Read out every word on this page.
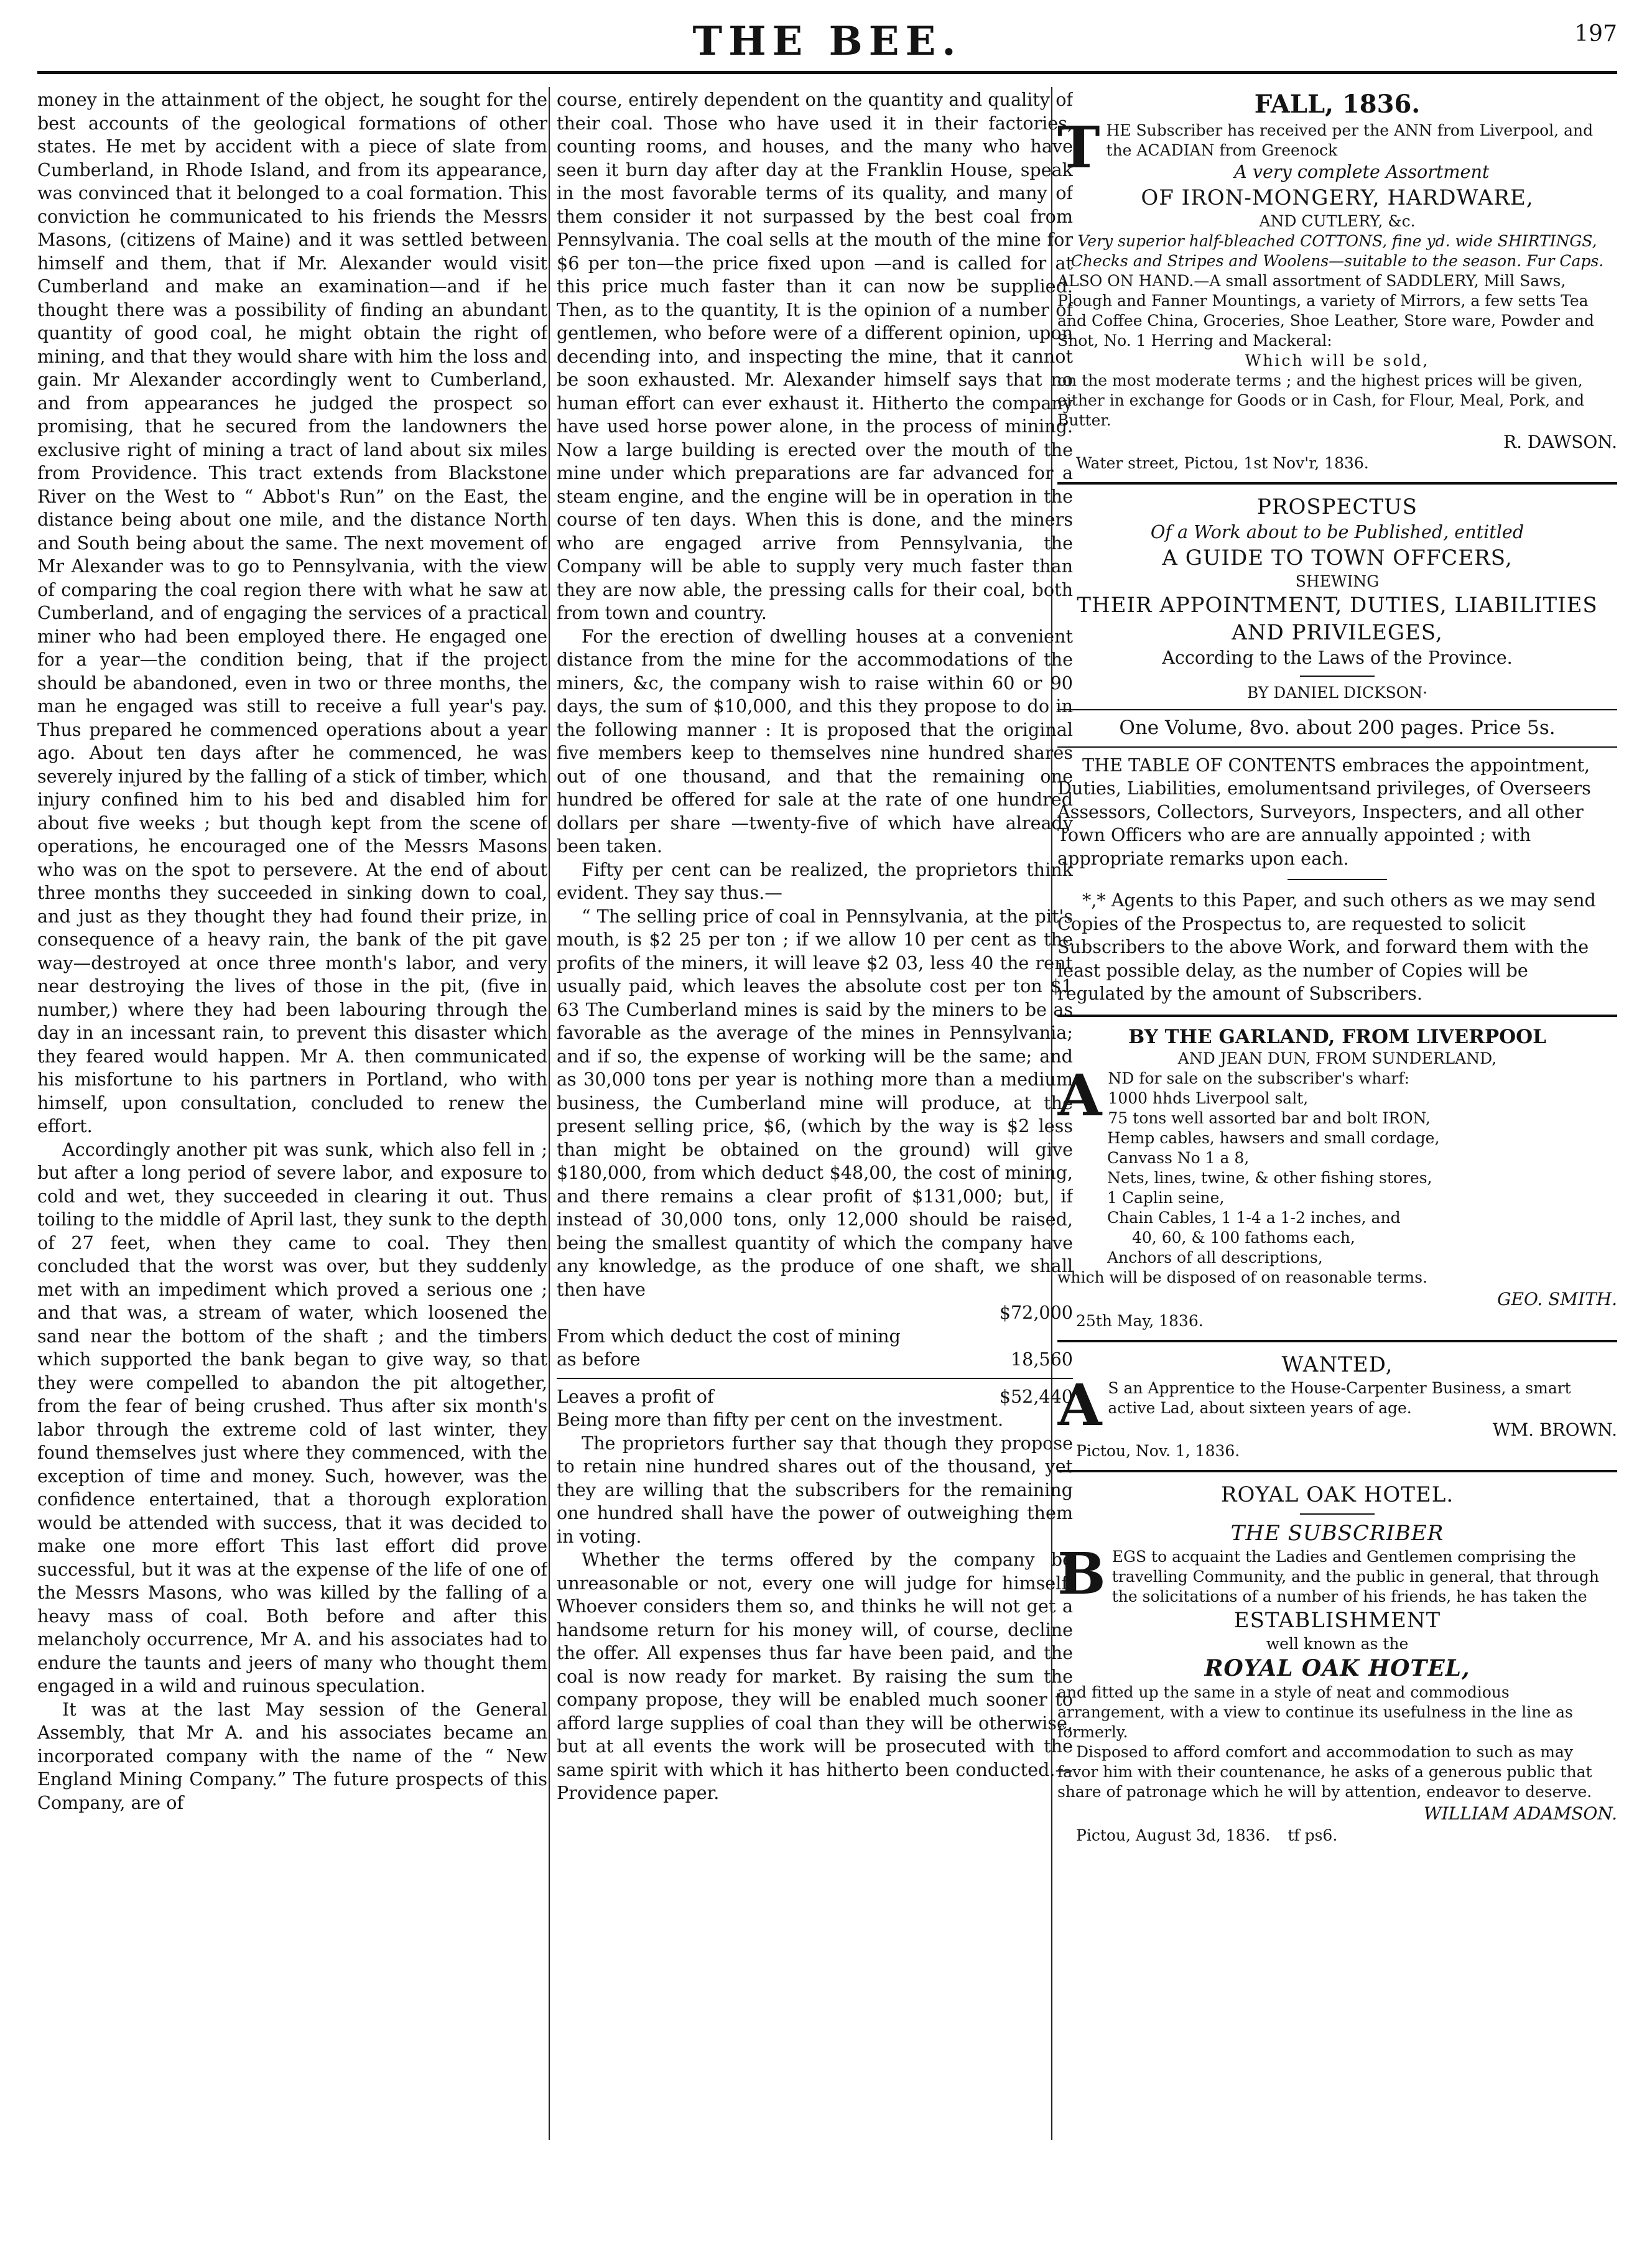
THE BEE.	197

money in the attainment of the object, he sought for the best accounts of the geological formations of other states. He met by accident with a piece of slate from Cumberland, in Rhode Island, and from its appearance, was convinced that it belonged to a coal formation. This conviction he communicated to his friends the Messrs Masons, (citizens of Maine) and it was settled between himself and them, that if Mr. Alexander would visit Cumberland and make an examination—and if he thought there was a possibility of finding an abundant quantity of good coal, he might obtain the right of mining, and that they would share with him the loss and gain. Mr Alexander accordingly went to Cumberland, and from appearances he judged the prospect so promising, that he secured from the landowners the exclusive right of mining a tract of land about six miles from Providence. This tract extends from Blackstone River on the West to “ Abbot's Run” on the East, the distance being about one mile, and the distance North and South being about the same. The next movement of Mr Alexander was to go to Pennsylvania, with the view of comparing the coal region there with what he saw at Cumberland, and of engaging the services of a practical miner who had been employed there. He engaged one for a year—the condition being, that if the project should be abandoned, even in two or three months, the man he engaged was still to receive a full year's pay. Thus prepared he commenced operations about a year ago. About ten days after he commenced, he was severely injured by the falling of a stick of timber, which injury confined him to his bed and disabled him for about five weeks ; but though kept from the scene of operations, he encouraged one of the Messrs Masons who was on the spot to persevere. At the end of about three months they succeeded in sinking down to coal, and just as they thought they had found their prize, in consequence of a heavy rain, the bank of the pit gave way—destroyed at once three month's labor, and very near destroying the lives of those in the pit, (five in number,) where they had been labouring through the day in an incessant rain, to prevent this disaster which they feared would happen. Mr A. then communicated his misfortune to his partners in Portland, who with himself, upon consultation, concluded to renew the effort.

Accordingly another pit was sunk, which also fell in ; but after a long period of severe labor, and exposure to cold and wet, they succeeded in clearing it out. Thus toiling to the middle of April last, they sunk to the depth of 27 feet, when they came to coal. They then concluded that the worst was over, but they suddenly met with an impediment which proved a serious one ; and that was, a stream of water, which loosened the sand near the bottom of the shaft ; and the timbers which supported the bank began to give way, so that they were compelled to abandon the pit altogether, from the fear of being crushed. Thus after six month's labor through the extreme cold of last winter, they found themselves just where they commenced, with the exception of time and money. Such, however, was the confidence entertained, that a thorough exploration would be attended with success, that it was decided to make one more effort This last effort did prove successful, but it was at the expense of the life of one of the Messrs Masons, who was killed by the falling of a heavy mass of coal. Both before and after this melancholy occurrence, Mr A. and his associates had to endure the taunts and jeers of many who thought them engaged in a wild and ruinous speculation.

It was at the last May session of the General Assembly, that Mr A. and his associates became an incorporated company with the name of the “ New England Mining Company.” The future prospects of this Company, are of

course, entirely dependent on the quantity and quality of their coal. Those who have used it in their factories, counting rooms, and houses, and the many who have seen it burn day after day at the Franklin House, speak in the most favorable terms of its quality, and many of them consider it not surpassed by the best coal from Pennsylvania. The coal sells at the mouth of the mine for $6 per ton—the price fixed upon —and is called for at this price much faster than it can now be supplied. Then, as to the quantity, It is the opinion of a number of gentlemen, who before were of a different opinion, upon decending into, and inspecting the mine, that it cannot be soon exhausted. Mr. Alexander himself says that no human effort can ever exhaust it. Hitherto the company have used horse power alone, in the process of mining. Now a large building is erected over the mouth of the mine under which preparations are far advanced for a steam engine, and the engine will be in operation in the course of ten days. When this is done, and the miners who are engaged arrive from Pennsylvania, the Company will be able to supply very much faster than they are now able, the pressing calls for their coal, both from town and country.

For the erection of dwelling houses at a convenient distance from the mine for the accommodations of the miners, &c, the company wish to raise within 60 or 90 days, the sum of $10,000, and this they propose to do in the following manner : It is proposed that the original five members keep to themselves nine hundred shares out of one thousand, and that the remaining one hundred be offered for sale at the rate of one hundred dollars per share —twenty-five of which have already been taken.

Fifty per cent can be realized, the proprietors think evident. They say thus.—

“ The selling price of coal in Pennsylvania, at the pit's mouth, is $2 25 per ton ; if we allow 10 per cent as the profits of the miners, it will leave $2 03, less 40 the rent usually paid, which leaves the absolute cost per ton $1 63 The Cumberland mines is said by the miners to be as favorable as the average of the mines in Pennsylvania; and if so, the expense of working will be the same; and as 30,000 tons per year is nothing more than a medium business, the Cumberland mine will produce, at the present selling price, $6, (which by the way is $2 less than might be obtained on the ground) will give $180,000, from which deduct $48,00, the cost of mining, and there remains a clear profit of $131,000; but, if instead of 30,000 tons, only 12,000 should be raised, being the smallest quantity of which the company have any knowledge, as the produce of one shaft, we shall then have

	$72,000
From which deduct the cost of mining	
as before	18,560

Leaves a profit of	$52,440

Being more than fifty per cent on the investment.

The proprietors further say that though they propose to retain nine hundred shares out of the thousand, yet they are willing that the subscribers for the remaining one hundred shall have the power of outweighing them in voting.

Whether the terms offered by the company be unreasonable or not, every one will judge for himself. Whoever considers them so, and thinks he will not get a handsome return for his money will, of course, decline the offer. All expenses thus far have been paid, and the coal is now ready for market. By raising the sum the company propose, they will be enabled much sooner to afford large supplies of coal than they will be otherwise, but at all events the work will be prosecuted with the same spirit with which it has hitherto been conducted.—Providence paper.

FALL, 1836.
T HE Subscriber has received per the ANN from Liverpool, and the ACADIAN from Greenock
A very complete Assortment
OF IRON-MONGERY, HARDWARE,
AND CUTLERY, &c.
Very superior half-bleached COTTONS, fine yd. wide SHIRTINGS, Checks and Stripes and Woolens—suitable to the season. Fur Caps.
ALSO ON HAND.—A small assortment of SADDLERY, Mill Saws, Plough and Fanner Mountings, a variety of Mirrors, a few setts Tea and Coffee China, Groceries, Shoe Leather, Store ware, Powder and Shot, No. 1 Herring and Mackeral:
Which will be sold,
on the most moderate terms ; and the highest prices will be given, either in exchange for Goods or in Cash, for Flour, Meal, Pork, and Butter.
R. DAWSON.
Water street, Pictou, 1st Nov'r, 1836.
PROSPECTUS
Of a Work about to be Published, entitled
A GUIDE TO TOWN OFFCERS,
SHEWING
THEIR APPOINTMENT, DUTIES, LIABILITIES AND PRIVILEGES,
According to the Laws of the Province.
BY DANIEL DICKSON·
One Volume, 8vo. about 200 pages. Price 5s.

THE TABLE OF CONTENTS embraces the appointment, Duties, Liabilities, emolumentsand privileges, of Overseers Assessors, Collectors, Surveyors, Inspecters, and all other Town Officers who are are annually appointed ; with appropriate remarks upon each.

*,* Agents to this Paper, and such others as we may send Copies of the Prospectus to, are requested to solicit Subscribers to the above Work, and forward them with the least possible delay, as the number of Copies will be regulated by the amount of Subscribers.

BY THE GARLAND, FROM LIVERPOOL
AND JEAN DUN, FROM SUNDERLAND,
A ND for sale on the subscriber's wharf:
1000 hhds Liverpool salt,
75 tons well assorted bar and bolt IRON,
Hemp cables, hawsers and small cordage,
Canvass No 1 a 8,
Nets, lines, twine, & other fishing stores,
1 Caplin seine,
Chain Cables, 1 1-4 a 1-2 inches, and
40, 60, & 100 fathoms each,
Anchors of all descriptions,
which will be disposed of on reasonable terms.
GEO. SMITH.
25th May, 1836.
WANTED,
A S an Apprentice to the House-Carpenter Business, a smart active Lad, about sixteen years of age.
WM. BROWN.
Pictou, Nov. 1, 1836.
ROYAL OAK HOTEL.
THE SUBSCRIBER
B EGS to acquaint the Ladies and Gentlemen comprising the travelling Community, and the public in general, that through the solicitations of a number of his friends, he has taken the
ESTABLISHMENT
well known as the
ROYAL OAK HOTEL,
and fitted up the same in a style of neat and commodious arrangement, with a view to continue its usefulness in the line as formerly.
Disposed to afford comfort and accommodation to such as may favor him with their countenance, he asks of a generous public that share of patronage which he will by attention, endeavor to deserve.
WILLIAM ADAMSON.
Pictou, August 3d, 1836. tf ps6.
